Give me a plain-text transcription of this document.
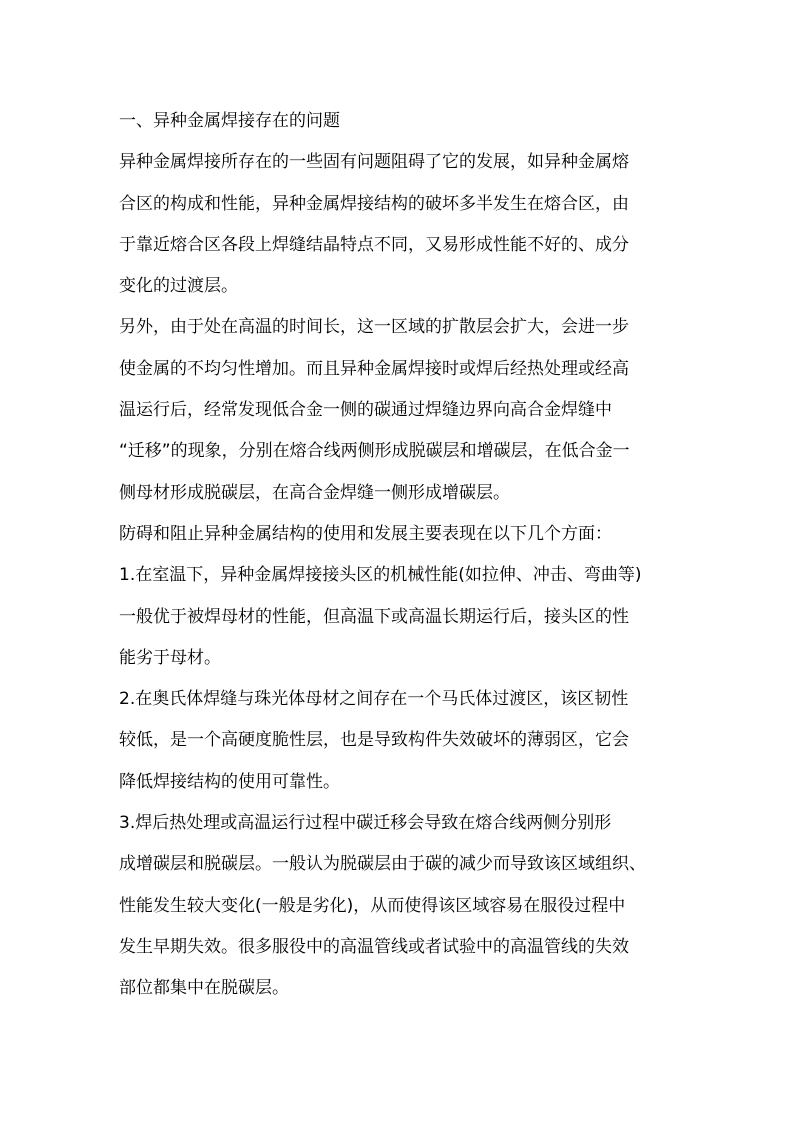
一、异种金属焊接存在的问题

异种金属焊接所存在的一些固有问题阻碍了它的发展，如异种金属熔
合区的构成和性能，异种金属焊接结构的破坏多半发生在熔合区，由
于靠近熔合区各段上焊缝结晶特点不同，又易形成性能不好的、成分
变化的过渡层。

另外，由于处在高温的时间长，这一区域的扩散层会扩大，会进一步
使金属的不均匀性增加。而且异种金属焊接时或焊后经热处理或经高
温运行后，经常发现低合金一侧的碳通过焊缝边界向高合金焊缝中
“迁移”的现象，分别在熔合线两侧形成脱碳层和增碳层，在低合金一
侧母材形成脱碳层，在高合金焊缝一侧形成增碳层。

防碍和阻止异种金属结构的使用和发展主要表现在以下几个方面：

1.在室温下，异种金属焊接接头区的机械性能(如拉伸、冲击、弯曲等)
一般优于被焊母材的性能，但高温下或高温长期运行后，接头区的性
能劣于母材。

2.在奥氏体焊缝与珠光体母材之间存在一个马氏体过渡区，该区韧性
较低，是一个高硬度脆性层，也是导致构件失效破坏的薄弱区，它会
降低焊接结构的使用可靠性。

3.焊后热处理或高温运行过程中碳迁移会导致在熔合线两侧分别形
成增碳层和脱碳层。一般认为脱碳层由于碳的减少而导致该区域组织、
性能发生较大变化(一般是劣化)，从而使得该区域容易在服役过程中
发生早期失效。很多服役中的高温管线或者试验中的高温管线的失效
部位都集中在脱碳层。
